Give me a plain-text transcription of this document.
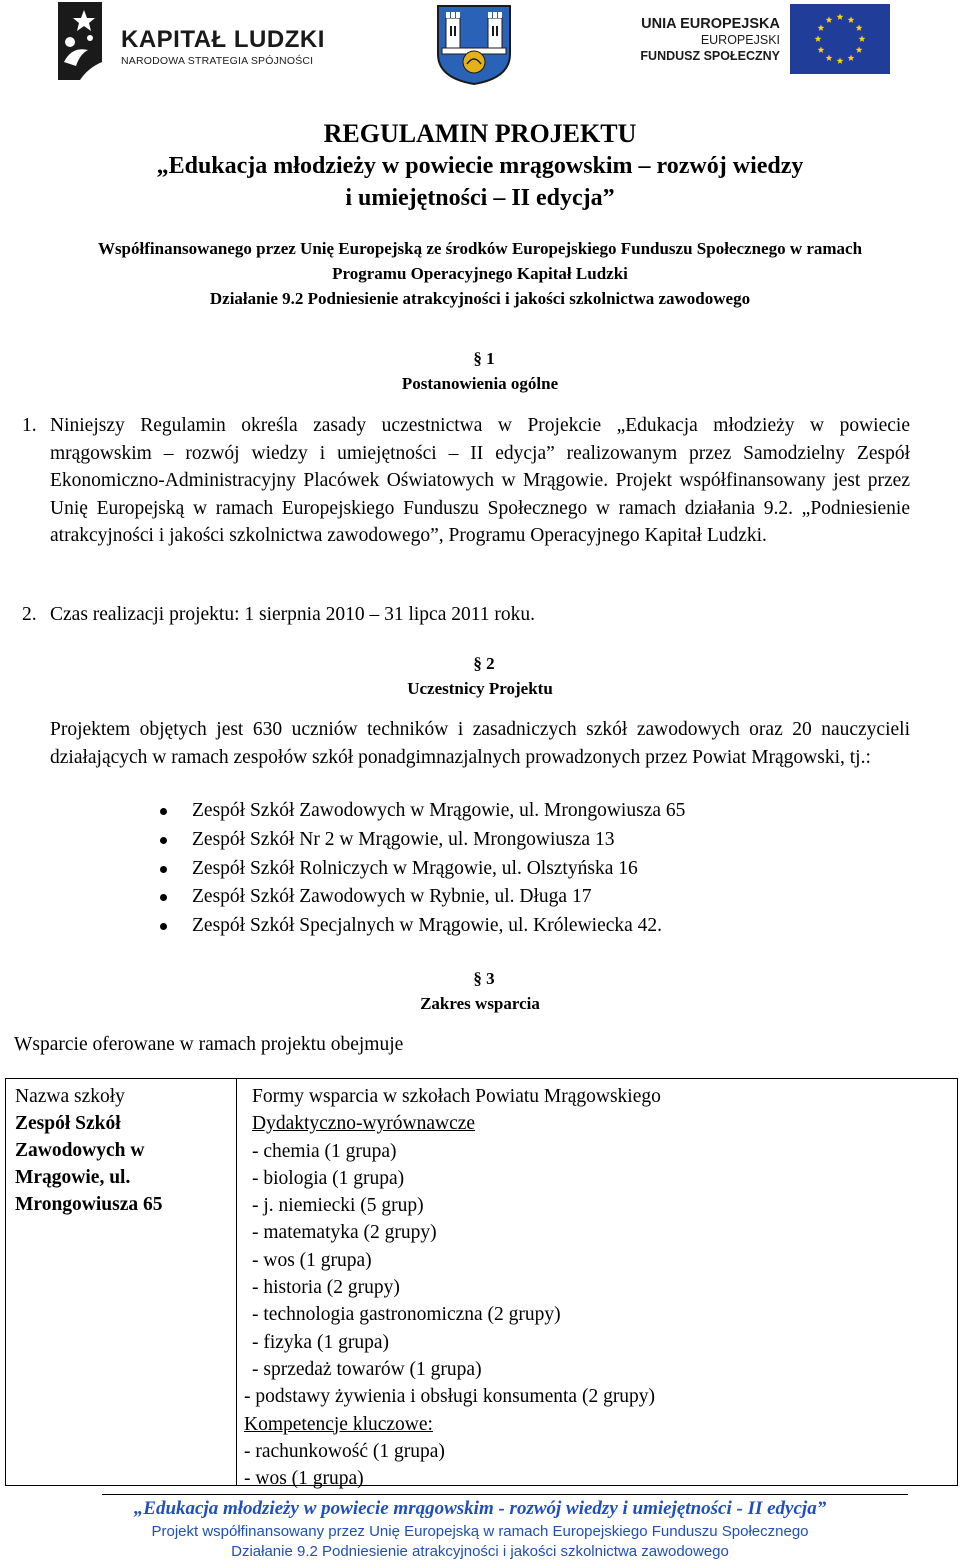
KAPITAŁ LUDZKI
NARODOWA STRATEGIA SPÓJNOŚCI
UNIA EUROPEJSKA
EUROPEJSKI
FUNDUSZ SPOŁECZNY
REGULAMIN PROJEKTU
„Edukacja młodzieży w powiecie mrągowskim – rozwój wiedzy
i umiejętności – II edycja”
Współfinansowanego przez Unię Europejską ze środków Europejskiego Funduszu Społecznego w ramach
Programu Operacyjnego Kapitał Ludzki
Działanie 9.2 Podniesienie atrakcyjności i jakości szkolnictwa zawodowego
§ 1
Postanowienia ogólne
1. Niniejszy Regulamin określa zasady uczestnictwa w Projekcie „Edukacja młodzieży w powiecie mrągowskim – rozwój wiedzy i umiejętności – II edycja” realizowanym przez Samodzielny Zespół Ekonomiczno-Administracyjny Placówek Oświatowych w Mrągowie. Projekt współfinansowany jest przez Unię Europejską w ramach Europejskiego Funduszu Społecznego w ramach działania 9.2. „Podniesienie atrakcyjności i jakości szkolnictwa zawodowego”, Programu Operacyjnego Kapitał Ludzki.
2. Czas realizacji projektu: 1 sierpnia 2010 – 31 lipca 2011 roku.
§ 2
Uczestnicy Projektu
Projektem objętych jest 630 uczniów techników i zasadniczych szkół zawodowych oraz 20 nauczycieli działających w ramach zespołów szkół ponadgimnazjalnych prowadzonych przez Powiat Mrągowski, tj.:
Zespół Szkół Zawodowych w Mrągowie, ul. Mrongowiusza 65
Zespół Szkół Nr 2 w Mrągowie, ul. Mrongowiusza 13
Zespół Szkół Rolniczych w Mrągowie, ul. Olsztyńska 16
Zespół Szkół Zawodowych w Rybnie, ul. Długa 17
Zespół Szkół Specjalnych w Mrągowie, ul. Królewiecka 42.
§ 3
Zakres wsparcia
Wsparcie oferowane w ramach projektu obejmuje
Nazwa szkoły
Zespół Szkół
Zawodowych w
Mrągowie, ul.
Mrongowiusza 65
Formy wsparcia w szkołach Powiatu Mrągowskiego
Dydaktyczno-wyrównawcze
- chemia (1 grupa)
- biologia (1 grupa)
- j. niemiecki (5 grup)
- matematyka (2 grupy)
- wos (1 grupa)
- historia (2 grupy)
- technologia gastronomiczna (2 grupy)
- fizyka (1 grupa)
- sprzedaż towarów (1 grupa)
- podstawy żywienia i obsługi konsumenta (2 grupy)
Kompetencje kluczowe:
- rachunkowość (1 grupa)
- wos (1 grupa)
„Edukacja młodzieży w powiecie mrągowskim - rozwój wiedzy i umiejętności - II edycja”
Projekt współfinansowany przez Unię Europejską w ramach Europejskiego Funduszu Społecznego
Działanie 9.2 Podniesienie atrakcyjności i jakości szkolnictwa zawodowego
